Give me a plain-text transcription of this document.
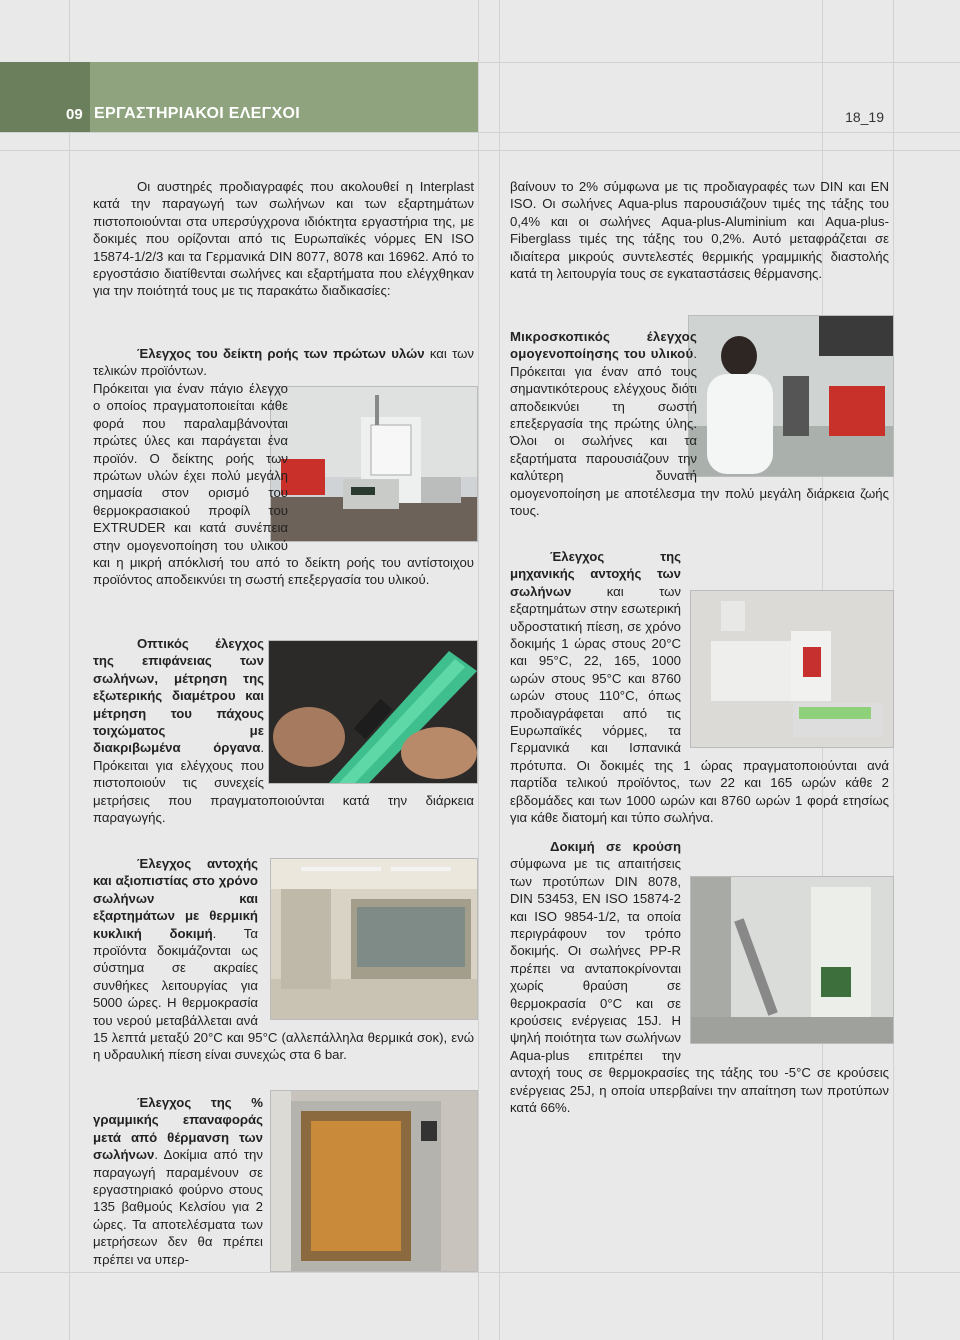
09 ΕΡΓΑΣΤΗΡΙΑΚΟΙ ΕΛΕΓΧΟΙ	18_19
Οι αυστηρές προδιαγραφές που ακολουθεί η Interplast κατά την παραγωγή των σωλήνων και των εξαρτημάτων πιστοποιούνται στα υπερσύγχρονα ιδιόκτητα εργαστήρια της, με δοκιμές που ορίζονται από τις Ευρωπαϊκές νόρμες EN ISO 15874-1/2/3 και τα Γερμανικά DIN 8077, 8078 και 16962. Από το εργοστάσιο διατίθενται σωλήνες και εξαρτήματα που ελέγχθηκαν για την ποιότητά τους με τις παρακάτω διαδικασίες:
Έλεγχος του δείκτη ροής των πρώτων υλών και των τελικών προϊόντων.
Πρόκειται για έναν πάγιο έλεγχο ο οποίος πραγματοποιείται κάθε φορά που παραλαμβάνονται πρώτες ύλες και παράγεται ένα προϊόν. Ο δείκτης ροής των πρώτων υλών έχει πολύ μεγάλη σημασία στον ορισμό του θερμοκρασιακού προφίλ του EXTRUDER και κατά συνέπεια στην ομογενοποίηση του υλικού και η μικρή απόκλισή του από το δείκτη ροής του αντίστοιχου προϊόντος αποδεικνύει τη σωστή επεξεργασία του υλικού.
Οπτικός έλεγχος της επιφάνειας των σωλήνων, μέτρηση της εξωτερικής διαμέτρου και μέτρηση του πάχους τοιχώματος με διακριβωμένα όργανα. Πρόκειται για ελέγχους που πιστοποιούν τις συνεχείς μετρήσεις που πραγματοποιούνται κατά την διάρκεια παραγωγής.
Έλεγχος αντοχής και αξιοπιστίας στο χρόνο σωλήνων και εξαρτημάτων με θερμική κυκλική δοκιμή. Τα προϊόντα δοκιμάζονται ως σύστημα σε ακραίες συνθήκες λειτουργίας για 5000 ώρες. Η θερμοκρασία του νερού μεταβάλλεται ανά 15 λεπτά μεταξύ 20°C και 95°C (αλλεπάλληλα θερμικά σοκ), ενώ η υδραυλική πίεση είναι συνεχώς στα 6 bar.
Έλεγχος της % γραμμικής επαναφοράς μετά από θέρμανση των σωλήνων. Δοκίμια από την παραγωγή παραμένουν σε εργαστηριακό φούρνο στους 135 βαθμούς Κελσίου για 2 ώρες. Τα αποτελέσματα των μετρήσεων δεν θα πρέπει πρέπει να υπερ-
βαίνουν το 2% σύμφωνα με τις προδιαγραφές των DIN και EN ISO. Οι σωλήνες Aqua-plus παρουσιάζουν τιμές της τάξης του 0,4% και οι σωλήνες Aqua-plus-Aluminium και Aqua-plus-Fiberglass τιμές της τάξης του 0,2%. Αυτό μεταφράζεται σε ιδιαίτερα μικρούς συντελεστές θερμικής γραμμικής διαστολής κατά τη λειτουργία τους σε εγκαταστάσεις θέρμανσης.
Μικροσκοπικός έλεγχος ομογενοποίησης του υλικού. Πρόκειται για έναν από τους σημαντικότερους ελέγχους διότι αποδεικνύει τη σωστή επεξεργασία της πρώτης ύλης. Όλοι οι σωλήνες και τα εξαρτήματα παρουσιάζουν την καλύτερη δυνατή ομογενοποίηση με αποτέλεσμα την πολύ μεγάλη διάρκεια ζωής τους.
Έλεγχος της μηχανικής αντοχής των σωλήνων και των εξαρτημάτων στην εσωτερική υδροστατική πίεση, σε χρόνο δοκιμής 1 ώρας στους 20°C και 95°C, 22, 165, 1000 ωρών στους 95°C και 8760 ωρών στους 110°C, όπως προδιαγράφεται από τις Ευρωπαϊκές νόρμες, τα Γερμανικά και Ισπανικά πρότυπα. Οι δοκιμές της 1 ώρας πραγματοποιούνται ανά παρτίδα τελικού προϊόντος, των 22 και 165 ωρών κάθε 2 εβδομάδες και των 1000 ωρών και 8760 ωρών 1 φορά ετησίως για κάθε διατομή και τύπο σωλήνα.
Δοκιμή σε κρούση σύμφωνα με τις απαιτήσεις των προτύπων DIN 8078, DIN 53453, EN ISO 15874-2 και ISO 9854-1/2, τα οποία περιγράφουν τον τρόπο δοκιμής. Οι σωλήνες PP-R πρέπει να ανταποκρίνονται χωρίς θραύση σε θερμοκρασία 0°C και σε κρούσεις ενέργειας 15J. Η ψηλή ποιότητα των σωλήνων Aqua-plus επιτρέπει την αντοχή τους σε θερμοκρασίες της τάξης του -5°C σε κρούσεις ενέργειας 25J, η οποία υπερβαίνει την απαίτηση των προτύπων κατά 66%.
